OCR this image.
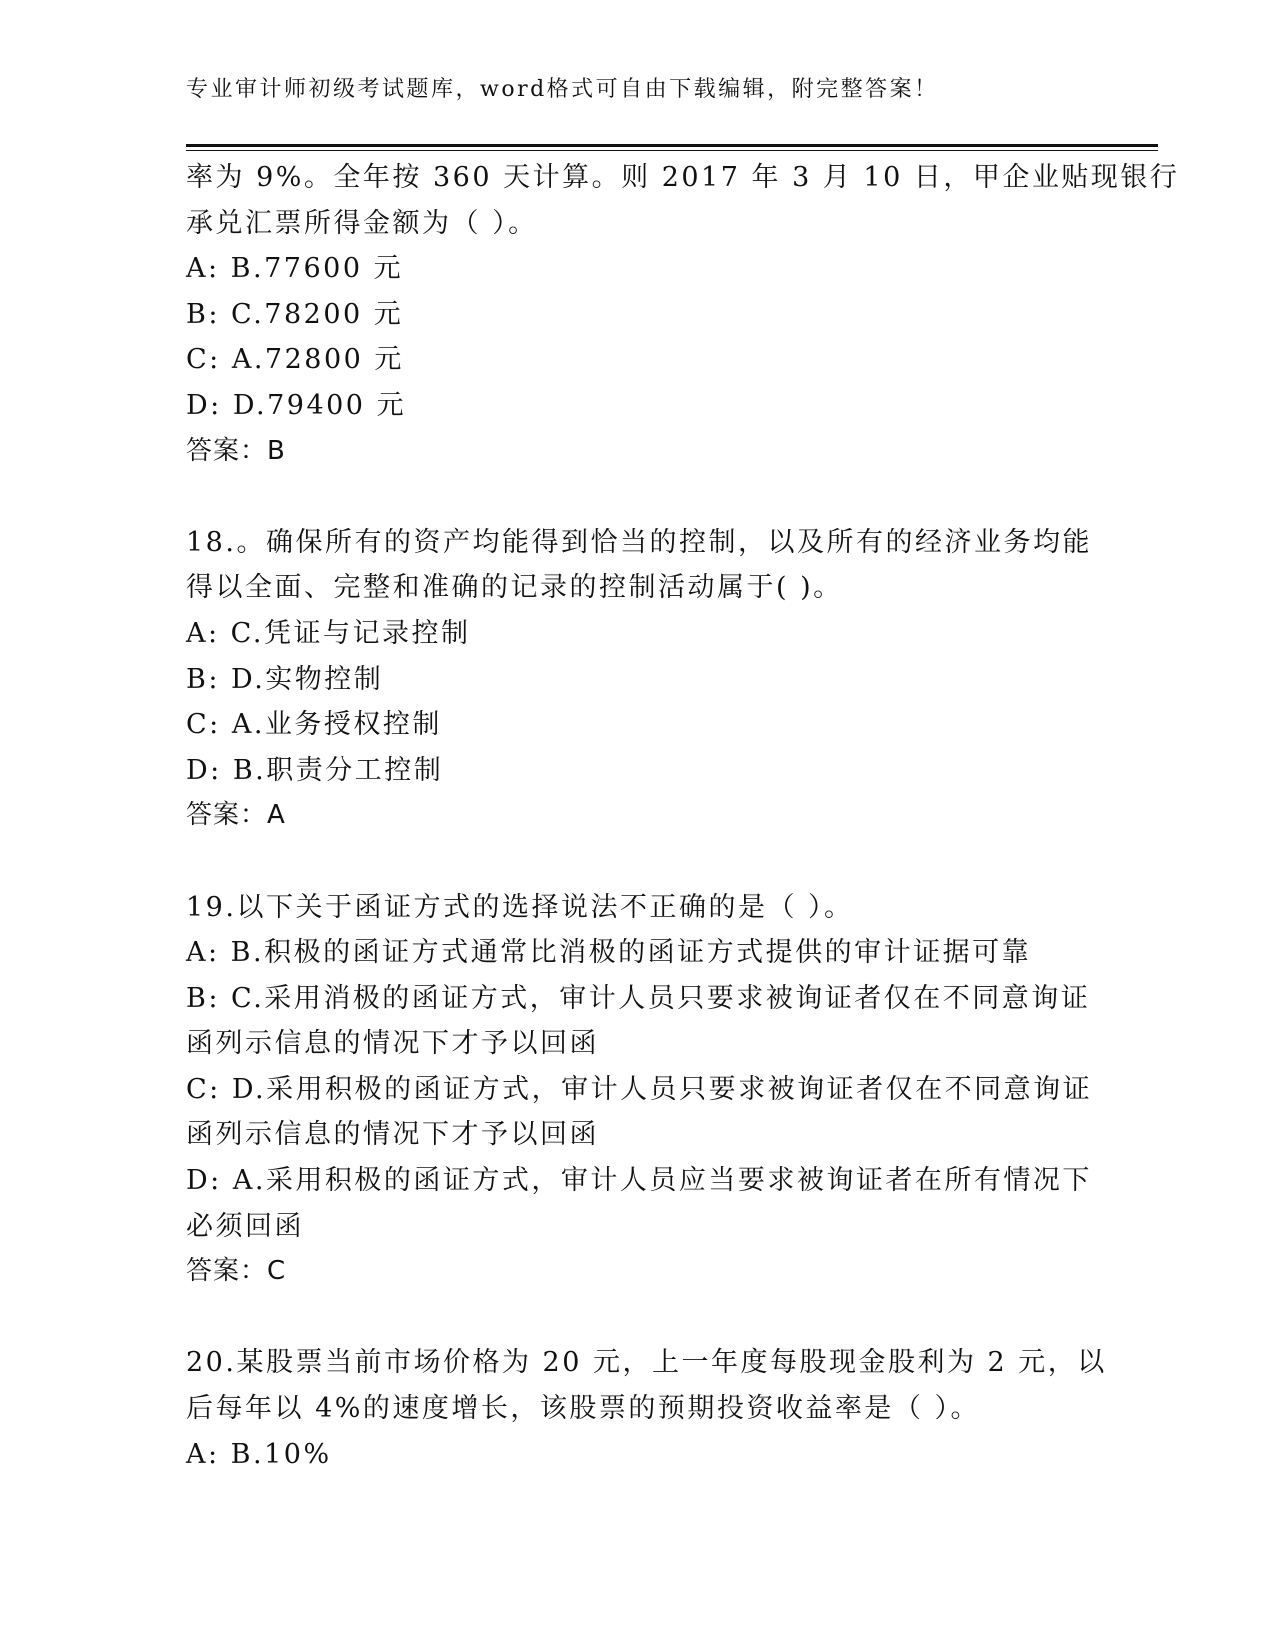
专业审计师初级考试题库，word格式可自由下载编辑，附完整答案！
率为 9%。全年按 360 天计算。则 2017 年 3 月 10 日，甲企业贴现银行
承兑汇票所得金额为（ ）。
A: B.77600 元
B: C.78200 元
C: A.72800 元
D: D.79400 元
答案：B
18.。确保所有的资产均能得到恰当的控制，以及所有的经济业务均能
得以全面、完整和准确的记录的控制活动属于( )。
A: C.凭证与记录控制
B: D.实物控制
C: A.业务授权控制
D: B.职责分工控制
答案：A
19.以下关于函证方式的选择说法不正确的是（ ）。
A: B.积极的函证方式通常比消极的函证方式提供的审计证据可靠
B: C.采用消极的函证方式，审计人员只要求被询证者仅在不同意询证
函列示信息的情况下才予以回函
C: D.采用积极的函证方式，审计人员只要求被询证者仅在不同意询证
函列示信息的情况下才予以回函
D: A.采用积极的函证方式，审计人员应当要求被询证者在所有情况下
必须回函
答案：C
20.某股票当前市场价格为 20 元，上一年度每股现金股利为 2 元，以
后每年以 4%的速度增长，该股票的预期投资收益率是（ ）。
A: B.10%
